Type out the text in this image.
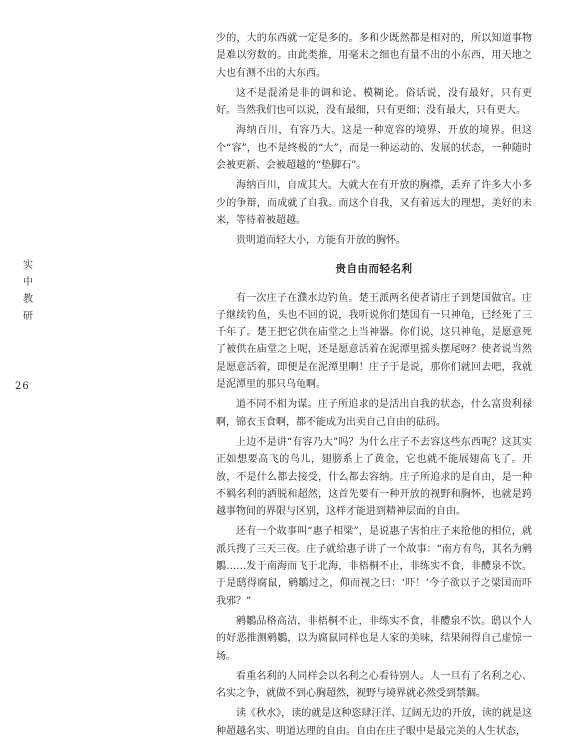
实
中
教
研
26

少的，大的东西就一定是多的。多和少既然都是相对的，所以知道事物是难以穷数的。由此类推，用毫末之细也有量不出的小东西，用天地之大也有测不出的大东西。

这不是混淆是非的调和论、模糊论。俗话说，没有最好，只有更好。当然我们也可以说，没有最细，只有更细；没有最大，只有更大。

海纳百川，有容乃大。这是一种宽容的境界、开放的境界。但这个“容”，也不是终极的“大”，而是一种运动的、发展的状态，一种随时会被更新、会被超越的“垫脚石”。

海纳百川，自成其大。大就大在有开放的胸襟，丢弃了许多大小多少的争辩，而成就了自我。而这个自我，又有着远大的理想，美好的未来，等待着被超越。

贵明道而轻大小，方能有开放的胸怀。

贵自由而轻名利

有一次庄子在濮水边钓鱼。楚王派两名使者请庄子到楚国做官。庄子继续钓鱼，头也不回的说，我听说你们楚国有一只神龟，已经死了三千年了。楚王把它供在庙堂之上当神器。你们说，这只神龟，是愿意死了被供在庙堂之上呢，还是愿意活着在泥潭里摇头摆尾呀？使者说当然是愿意活着，即便是在泥潭里啊！庄子于是说，那你们就回去吧，我就是泥潭里的那只乌龟啊。

道不同不相为谋。庄子所追求的是活出自我的状态，什么富贵利禄啊，锦衣玉食啊，都不能成为出卖自己自由的砝码。

上边不是讲“有容乃大”吗？为什么庄子不去容这些东西呢？这其实正如想要高飞的鸟儿，翅膀系上了黄金，它也就不能展翅高飞了。开放，不是什么都去接受，什么都去容纳。庄子所追求的是自由，是一种不羁名利的洒脱和超然，这首先要有一种开放的视野和胸怀，也就是跨越事物间的界限与区别，这样才能进到精神层面的自由。

还有一个故事叫“惠子相梁”，是说惠子害怕庄子来抢他的相位，就派兵搜了三天三夜。庄子就给惠子讲了一个故事：“南方有鸟，其名为鹓鶵……发于南海而飞于北海，非梧桐不止，非练实不食，非醴泉不饮。于是鸱得腐鼠，鹓鶵过之，仰而视之曰：‘吓！’今子欲以子之梁国而吓我邪？”

鹓鶵品格高洁，非梧桐不止，非练实不食，非醴泉不饮。鸱以个人的好恶推测鹓鶵，以为腐鼠同样也是人家的美味，结果闹得自己虚惊一场。

看重名利的人同样会以名利之心看待别人。人一旦有了名利之心、名实之争，就做不到心胸超然，视野与境界就必然受到禁錮。

读《秋水》，读的就是这种恣肆汪洋、辽阔无边的开放，读的就是这种超越名实、明道达理的自由。自由在庄子眼中是最完美的人生状态，
